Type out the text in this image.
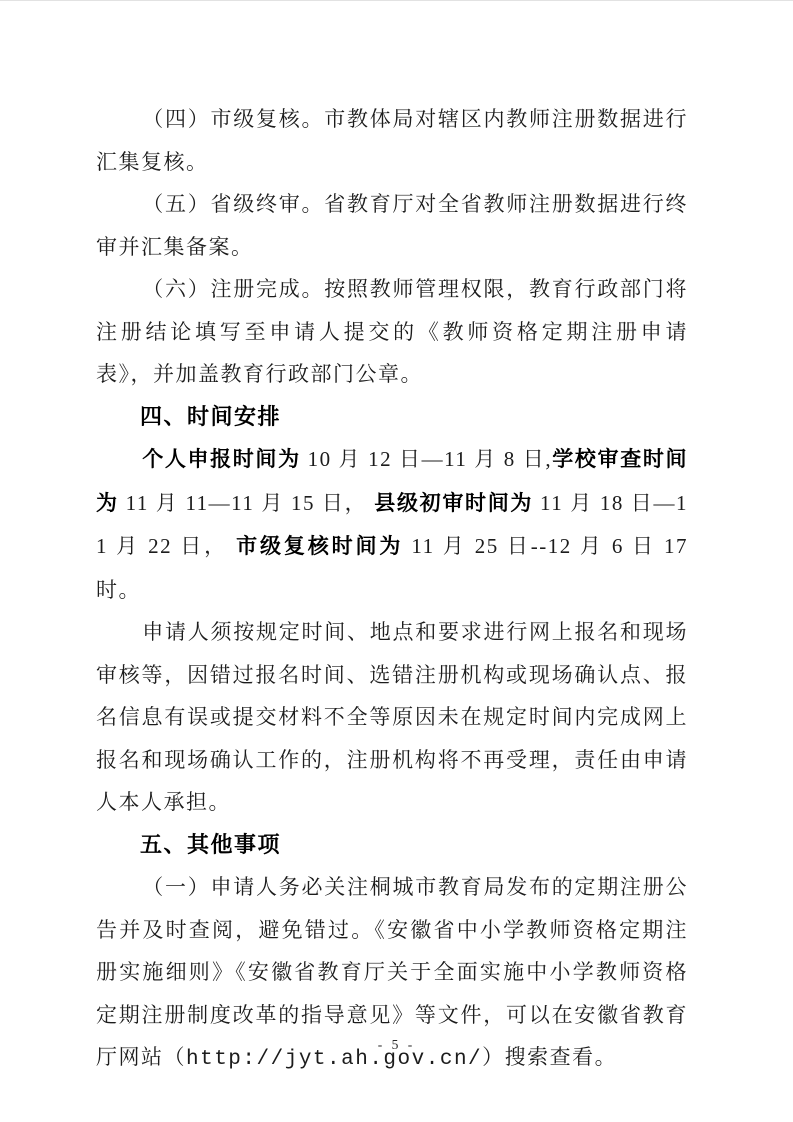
（四）市级复核。市教体局对辖区内教师注册数据进行汇集复核。

（五）省级终审。省教育厅对全省教师注册数据进行终审并汇集备案。

（六）注册完成。按照教师管理权限，教育行政部门将注册结论填写至申请人提交的《教师资格定期注册申请表》，并加盖教育行政部门公章。

四、时间安排

个人申报时间为 10 月 12 日—11 月 8 日,学校审查时间为 11 月 11—11 月 15 日， 县级初审时间为 11 月 18 日—11 月 22 日， 市级复核时间为 11 月 25 日--12 月 6 日 17 时。

申请人须按规定时间、地点和要求进行网上报名和现场审核等，因错过报名时间、选错注册机构或现场确认点、报名信息有误或提交材料不全等原因未在规定时间内完成网上报名和现场确认工作的，注册机构将不再受理，责任由申请人本人承担。

五、其他事项

（一）申请人务必关注桐城市教育局发布的定期注册公告并及时查阅，避免错过。《安徽省中小学教师资格定期注册实施细则》《安徽省教育厅关于全面实施中小学教师资格定期注册制度改革的指导意见》等文件，可以在安徽省教育厅网站（http://jyt.ah.gov.cn/）搜索查看。

- 5 -
